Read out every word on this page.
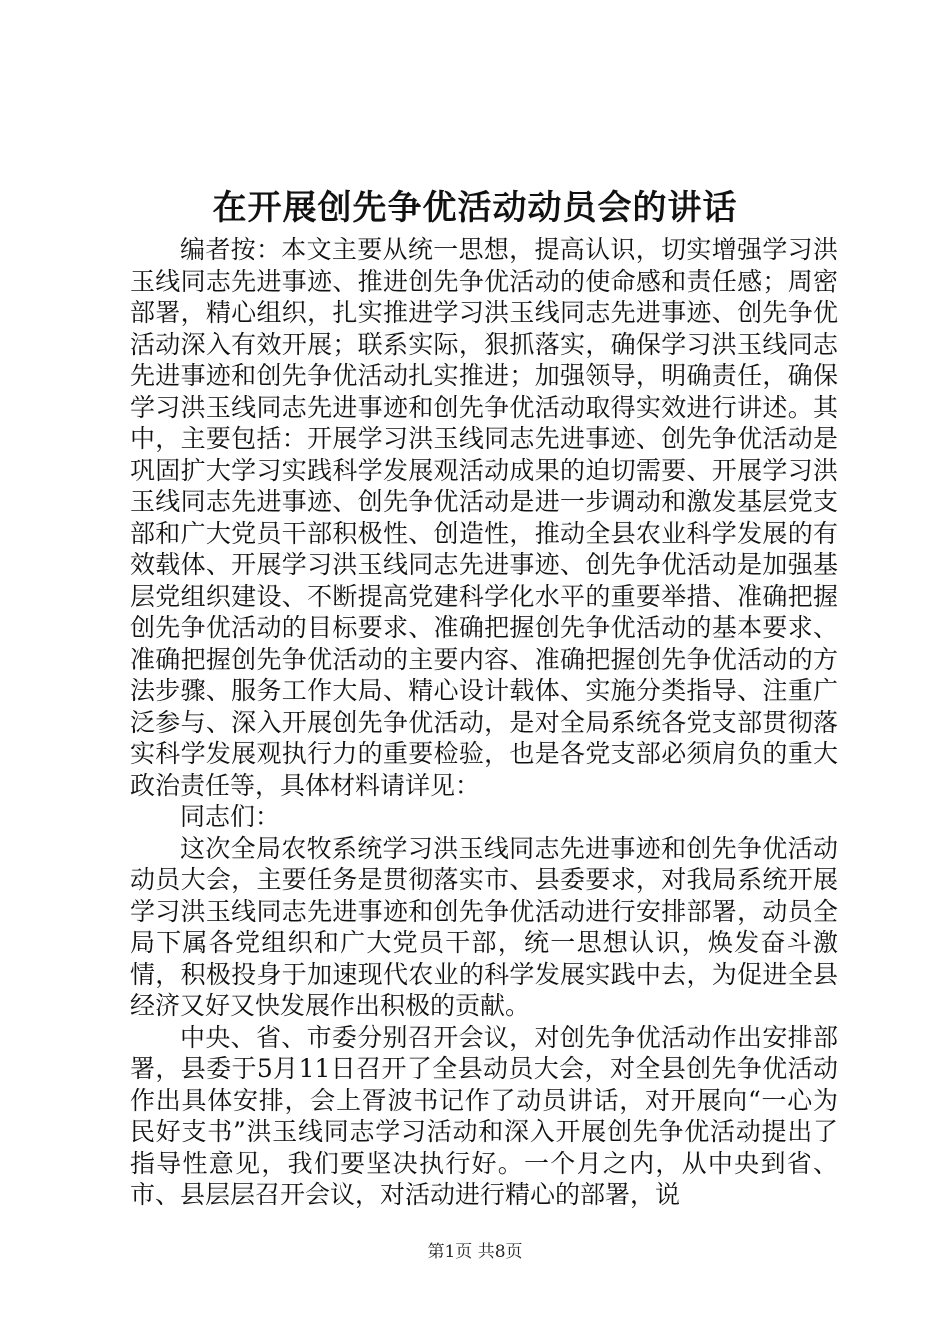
在开展创先争优活动动员会的讲话

编者按：本文主要从统一思想，提高认识，切实增强学习洪玉线同志先进事迹、推进创先争优活动的使命感和责任感；周密部署，精心组织，扎实推进学习洪玉线同志先进事迹、创先争优活动深入有效开展；联系实际，狠抓落实，确保学习洪玉线同志先进事迹和创先争优活动扎实推进；加强领导，明确责任，确保学习洪玉线同志先进事迹和创先争优活动取得实效进行讲述。其中，主要包括：开展学习洪玉线同志先进事迹、创先争优活动是巩固扩大学习实践科学发展观活动成果的迫切需要、开展学习洪玉线同志先进事迹、创先争优活动是进一步调动和激发基层党支部和广大党员干部积极性、创造性，推动全县农业科学发展的有效载体、开展学习洪玉线同志先进事迹、创先争优活动是加强基层党组织建设、不断提高党建科学化水平的重要举措、准确把握创先争优活动的目标要求、准确把握创先争优活动的基本要求、准确把握创先争优活动的主要内容、准确把握创先争优活动的方法步骤、服务工作大局、精心设计载体、实施分类指导、注重广泛参与、深入开展创先争优活动，是对全局系统各党支部贯彻落实科学发展观执行力的重要检验，也是各党支部必须肩负的重大政治责任等，具体材料请详见：

同志们：

这次全局农牧系统学习洪玉线同志先进事迹和创先争优活动动员大会，主要任务是贯彻落实市、县委要求，对我局系统开展学习洪玉线同志先进事迹和创先争优活动进行安排部署，动员全局下属各党组织和广大党员干部，统一思想认识，焕发奋斗激情，积极投身于加速现代农业的科学发展实践中去，为促进全县经济又好又快发展作出积极的贡献。

中央、省、市委分别召开会议，对创先争优活动作出安排部署，县委于5月11日召开了全县动员大会，对全县创先争优活动作出具体安排，会上胥波书记作了动员讲话，对开展向“一心为民好支书”洪玉线同志学习活动和深入开展创先争优活动提出了指导性意见，我们要坚决执行好。一个月之内，从中央到省、市、县层层召开会议，对活动进行精心的部署，说

第1页 共8页
